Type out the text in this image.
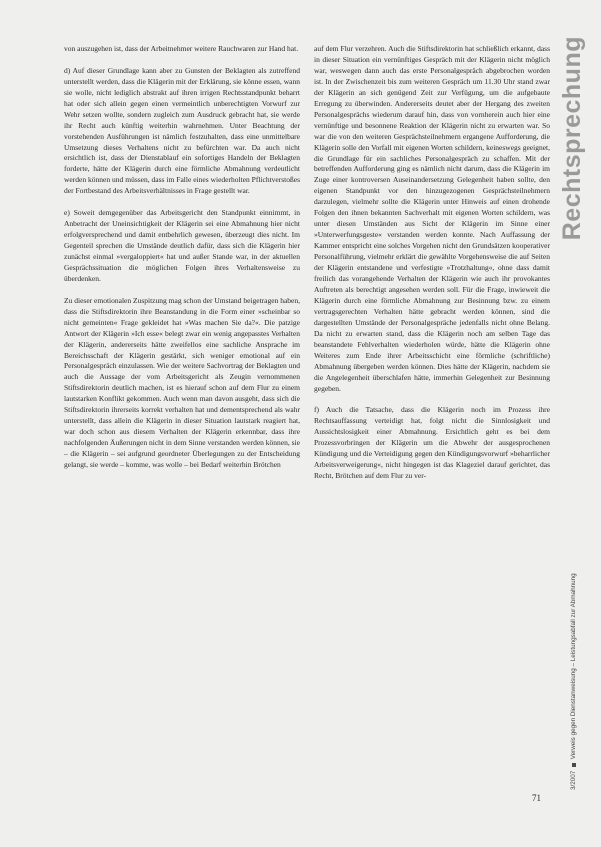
von auszugehen ist, dass der Arbeitnehmer weitere Rauchwaren zur Hand hat.

d) Auf dieser Grundlage kann aber zu Gunsten der Beklagten als zutreffend unterstellt werden, dass die Klägerin mit der Erklärung, sie könne essen, wann sie wolle, nicht lediglich abstrakt auf ihren irrigen Rechtsstandpunkt beharrt hat oder sich allein gegen einen vermeintlich unberechtigten Vorwurf zur Wehr setzen wollte, sondern zugleich zum Ausdruck gebracht hat, sie werde ihr Recht auch künftig weiterhin wahrnehmen. Unter Beachtung der vorstehenden Ausführungen ist nämlich festzuhalten, dass eine unmittelbare Umsetzung dieses Verhaltens nicht zu befürchten war. Da auch nicht ersichtlich ist, dass der Dienstablauf ein sofortiges Handeln der Beklagten forderte, hätte der Klägerin durch eine förmliche Abmahnung verdeutlicht werden können und müssen, dass im Falle eines wiederholten Pflichtverstoßes der Fortbestand des Arbeitsverhältnisses in Frage gestellt war.

e) Soweit demgegenüber das Arbeitsgericht den Standpunkt einnimmt, in Anbetracht der Uneinsichtigkeit der Klägerin sei eine Abmahnung hier nicht erfolgversprechend und damit entbehrlich gewesen, überzeugt dies nicht. Im Gegenteil sprechen die Umstände deutlich dafür, dass sich die Klägerin hier zunächst einmal »vergaloppiert« hat und außer Stande war, in der aktuellen Gesprächssituation die möglichen Folgen ihres Verhaltensweise zu überdenken.

Zu dieser emotionalen Zuspitzung mag schon der Umstand beigetragen haben, dass die Stiftsdirektorin ihre Beanstandung in die Form einer »scheinbar so nicht gemeinten« Frage gekleidet hat »Was machen Sie da?«. Die patzige Antwort der Klägerin »Ich esse« belegt zwar ein wenig angepasstes Verhalten der Klägerin, andererseits hätte zweifellos eine sachliche Ansprache im Bereichsschaft der Klägerin gestärkt, sich weniger emotional auf ein Personalgespräch einzulassen. Wie der weitere Sachvortrag der Beklagten und auch die Aussage der vom Arbeitsgericht als Zeugin vernommenen Stiftsdirektorin deutlich machen, ist es hierauf schon auf dem Flur zu einem lautstarken Konflikt gekommen. Auch wenn man davon ausgeht, dass sich die Stiftsdirektorin ihrerseits korrekt verhalten hat und dementsprechend als wahr unterstellt, dass allein die Klägerin in dieser Situation lautstark reagiert hat, war doch schon aus diesem Verhalten der Klägerin erkennbar, dass ihre nachfolgenden Äußerungen nicht in dem Sinne verstanden werden können, sie – die Klägerin – sei aufgrund geordneter Überlegungen zu der Entscheidung gelangt, sie werde – komme, was wolle – bei Bedarf weiterhin Brötchen

auf dem Flur verzehren. Auch die Stiftsdirektorin hat schließlich erkannt, dass in dieser Situation ein vernünftiges Gespräch mit der Klägerin nicht möglich war, weswegen dann auch das erste Personalgespräch abgebrochen worden ist. In der Zwischenzeit bis zum weiteren Gespräch um 11.30 Uhr stand zwar der Klägerin an sich genügend Zeit zur Verfügung, um die aufgebaute Erregung zu überwinden. Andererseits deutet aber der Hergang des zweiten Personalgesprächs wiederum darauf hin, dass von vornherein auch hier eine vernünftige und besonnene Reaktion der Klägerin nicht zu erwarten war. So war die von den weiteren Gesprächsteilnehmern ergangene Aufforderung, die Klägerin solle den Vorfall mit eigenen Worten schildern, keineswegs geeignet, die Grundlage für ein sachliches Personalgespräch zu schaffen. Mit der betreffenden Aufforderung ging es nämlich nicht darum, dass die Klägerin im Zuge einer kontroversen Auseinandersetzung Gelegenheit haben sollte, den eigenen Standpunkt vor den hinzugezogenen Gesprächsteilnehmern darzulegen, vielmehr sollte die Klägerin unter Hinweis auf einen drohende Folgen den ihnen bekannten Sachverhalt mit eigenen Worten schildern, was unter diesen Umständen aus Sicht der Klägerin im Sinne einer »Unterwerfungsgeste« verstanden werden konnte. Nach Auffassung der Kammer entspricht eine solches Vorgehen nicht den Grundsätzen kooperativer Personalführung, vielmehr erklärt die gewählte Vorgehensweise die auf Seiten der Klägerin entstandene und verfestigte »Trotzhaltung«, ohne dass damit freilich das vorangehende Verhalten der Klägerin wie auch ihr provokantes Auftreten als berechtigt angesehen werden soll. Für die Frage, inwieweit die Klägerin durch eine förmliche Abmahnung zur Besinnung bzw. zu einem vertragsgerechten Verhalten hätte gebracht werden können, sind die dargestellten Umstände der Personalgespräche jedenfalls nicht ohne Belang. Da nicht zu erwarten stand, dass die Klägerin noch am selben Tage das beanstandete Fehlverhalten wiederholen würde, hätte die Klägerin ohne Weiteres zum Ende ihrer Arbeitsschicht eine förmliche (schriftliche) Abmahnung übergeben werden können. Dies hätte der Klägerin, nachdem sie die Angelegenheit überschlafen hätte, immerhin Gelegenheit zur Besinnung gegeben.

f) Auch die Tatsache, dass die Klägerin noch im Prozess ihre Rechtsauffassung verteidigt hat, folgt nicht die Sinnlosigkeit und Aussichtslosigkeit einer Abmahnung. Ersichtlich geht es bei dem Prozessvorbringen der Klägerin um die Abwehr der ausgesprochenen Kündigung und die Verteidigung gegen den Kündigungsvorwurf »beharrlicher Arbeitsverweigerung«, nicht hingegen ist das Klageziel darauf gerichtet, das Recht, Brötchen auf dem Flur zu ver-

Rechtsprechung
3/2007  Verweis gegen Dienstanweisung – Leistungsabfall zur Abmahnung
71
